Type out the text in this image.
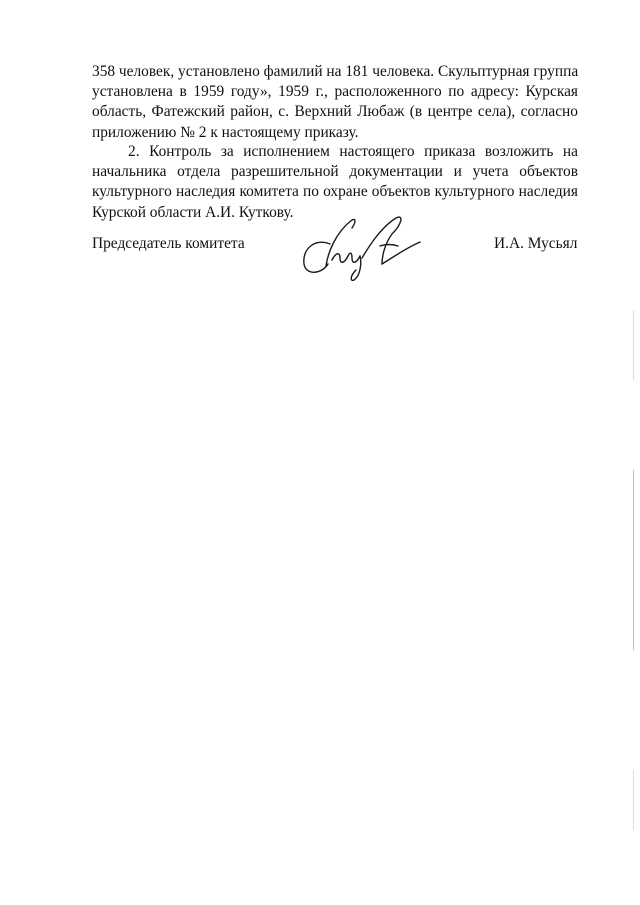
358 человек, установлено фамилий на 181 человека. Скульптурная группа
установлена в 1959 году», 1959 г., расположенного по адресу: Курская
область, Фатежский район, с. Верхний Любаж (в центре села), согласно
приложению № 2 к настоящему приказу.
2. Контроль за исполнением настоящего приказа возложить на
начальника отдела разрешительной документации и учета объектов
культурного наследия комитета по охране объектов культурного наследия
Курской области А.И. Куткову.
Председатель комитета	И.А. Мусьял
